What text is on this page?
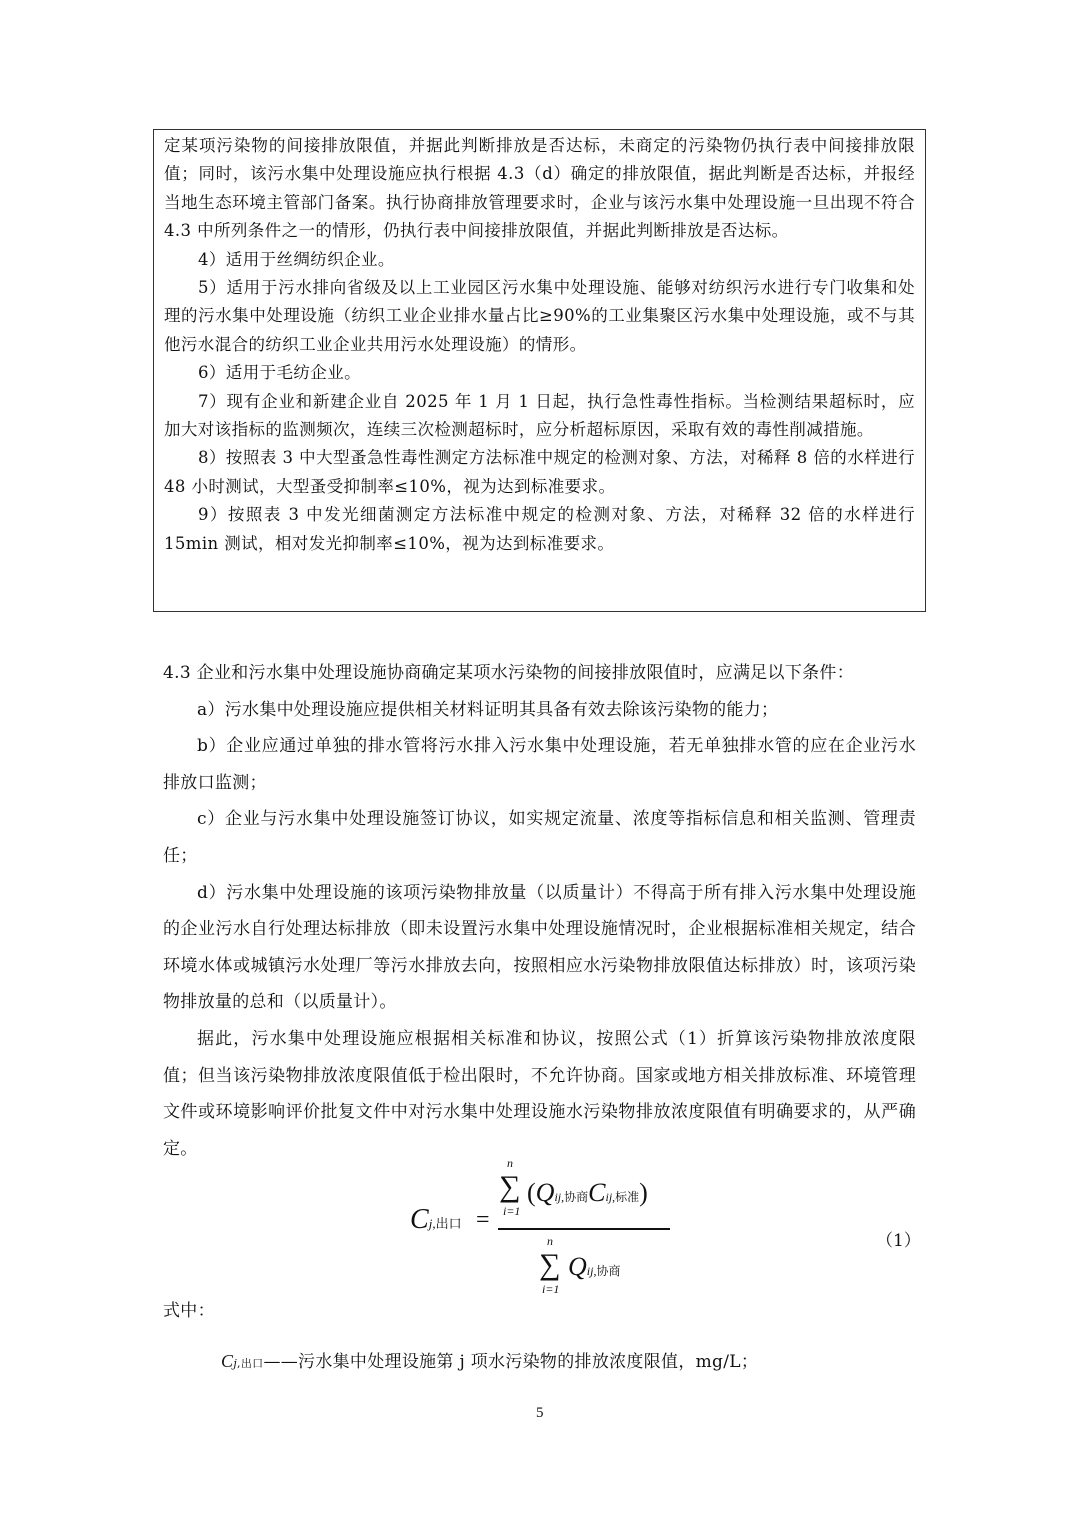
定某项污染物的间接排放限值，并据此判断排放是否达标，未商定的污染物仍执行表中间接排放限值；同时，该污水集中处理设施应执行根据 4.3（d）确定的排放限值，据此判断是否达标，并报经当地生态环境主管部门备案。执行协商排放管理要求时，企业与该污水集中处理设施一旦出现不符合 4.3 中所列条件之一的情形，仍执行表中间接排放限值，并据此判断排放是否达标。

4）适用于丝绸纺织企业。

5）适用于污水排向省级及以上工业园区污水集中处理设施、能够对纺织污水进行专门收集和处理的污水集中处理设施（纺织工业企业排水量占比≥90%的工业集聚区污水集中处理设施，或不与其他污水混合的纺织工业企业共用污水处理设施）的情形。

6）适用于毛纺企业。

7）现有企业和新建企业自 2025 年 1 月 1 日起，执行急性毒性指标。当检测结果超标时，应加大对该指标的监测频次，连续三次检测超标时，应分析超标原因，采取有效的毒性削减措施。

8）按照表 3 中大型蚤急性毒性测定方法标准中规定的检测对象、方法，对稀释 8 倍的水样进行 48 小时测试，大型蚤受抑制率≤10%，视为达到标准要求。

9）按照表 3 中发光细菌测定方法标准中规定的检测对象、方法，对稀释 32 倍的水样进行 15min 测试，相对发光抑制率≤10%，视为达到标准要求。

4.3 企业和污水集中处理设施协商确定某项水污染物的间接排放限值时，应满足以下条件：

a）污水集中处理设施应提供相关材料证明其具备有效去除该污染物的能力；

b）企业应通过单独的排水管将污水排入污水集中处理设施，若无单独排水管的应在企业污水排放口监测；

c）企业与污水集中处理设施签订协议，如实规定流量、浓度等指标信息和相关监测、管理责任；

d）污水集中处理设施的该项污染物排放量（以质量计）不得高于所有排入污水集中处理设施的企业污水自行处理达标排放（即未设置污水集中处理设施情况时，企业根据标准相关规定，结合环境水体或城镇污水处理厂等污水排放去向，按照相应水污染物排放限值达标排放）时，该项污染物排放量的总和（以质量计）。

据此，污水集中处理设施应根据相关标准和协议，按照公式（1）折算该污染物排放浓度限值；但当该污染物排放浓度限值低于检出限时，不允许协商。国家或地方相关排放标准、环境管理文件或环境影响评价批复文件中对污水集中处理设施水污染物排放浓度限值有明确要求的，从严确定。

Cj,出口 =
n
∑
i=1
(Qij,协商Cij,标准)
n
∑
i=1
Qij,协商
（1）
式中：
Cj,出口——污水集中处理设施第 j 项水污染物的排放浓度限值，mg/L；
5
